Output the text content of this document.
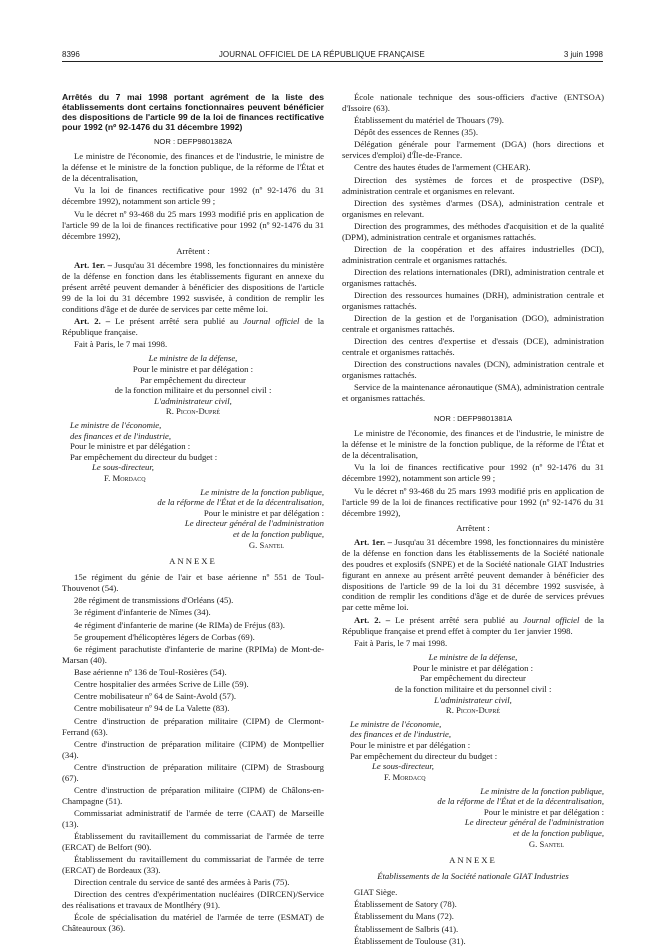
8396	JOURNAL OFFICIEL DE LA RÉPUBLIQUE FRANÇAISE	3 juin 1998
Arrêtés du 7 mai 1998 portant agrément de la liste des établissements dont certains fonctionnaires peuvent bénéficier des dispositions de l'article 99 de la loi de finances rectificative pour 1992 (nº 92-1476 du 31 décembre 1992)
NOR : DEFP9801382A

Le ministre de l'économie, des finances et de l'industrie, le ministre de la défense et le ministre de la fonction publique, de la réforme de l'État et de la décentralisation,

Vu la loi de finances rectificative pour 1992 (nº 92-1476 du 31 décembre 1992), notamment son article 99 ;

Vu le décret nº 93-468 du 25 mars 1993 modifié pris en application de l'article 99 de la loi de finances rectificative pour 1992 (nº 92-1476 du 31 décembre 1992),

Arrêtent :

Art. 1er. – Jusqu'au 31 décembre 1998, les fonctionnaires du ministère de la défense en fonction dans les établissements figurant en annexe du présent arrêté peuvent demander à bénéficier des dispositions de l'article 99 de la loi du 31 décembre 1992 susvisée, à condition de remplir les conditions d'âge et de durée de services par cette même loi.

Art. 2. – Le présent arrêté sera publié au Journal officiel de la République française.

Fait à Paris, le 7 mai 1998.

Le ministre de la défense,
Pour le ministre et par délégation :
Par empêchement du directeur
de la fonction militaire et du personnel civil :
L'administrateur civil,
R. Picon-Dupré
Le ministre de l'économie,
des finances et de l'industrie,
Pour le ministre et par délégation :
Par empêchement du directeur du budget :
Le sous-directeur,
F. Mordacq
Le ministre de la fonction publique,
de la réforme de l'État et de la décentralisation,
Pour le ministre et par délégation :
Le directeur général de l'administration
et de la fonction publique,
G. Santel
ANNEXE
15e régiment du génie de l'air et base aérienne nº 551 de Toul-Thouvenot (54).
28e régiment de transmissions d'Orléans (45).
3e régiment d'infanterie de Nîmes (34).
4e régiment d'infanterie de marine (4e RIMa) de Fréjus (83).
5e groupement d'hélicoptères légers de Corbas (69).
6e régiment parachutiste d'infanterie de marine (RPIMa) de Mont-de-Marsan (40).
Base aérienne nº 136 de Toul-Rosières (54).
Centre hospitalier des armées Scrive de Lille (59).
Centre mobilisateur nº 64 de Saint-Avold (57).
Centre mobilisateur nº 94 de La Valette (83).
Centre d'instruction de préparation militaire (CIPM) de Clermont-Ferrand (63).
Centre d'instruction de préparation militaire (CIPM) de Montpellier (34).
Centre d'instruction de préparation militaire (CIPM) de Strasbourg (67).
Centre d'instruction de préparation militaire (CIPM) de Châlons-en-Champagne (51).
Commissariat administratif de l'armée de terre (CAAT) de Marseille (13).
Établissement du ravitaillement du commissariat de l'armée de terre (ERCAT) de Belfort (90).
Établissement du ravitaillement du commissariat de l'armée de terre (ERCAT) de Bordeaux (33).
Direction centrale du service de santé des armées à Paris (75).
Direction des centres d'expérimentation nucléaires (DIRCEN)/Service des réalisations et travaux de Montlhéry (91).
École de spécialisation du matériel de l'armée de terre (ESMAT) de Châteauroux (36).
École nationale technique des sous-officiers d'active (ENTSOA) d'Issoire (63).
Établissement du matériel de Thouars (79).
Dépôt des essences de Rennes (35).
Délégation générale pour l'armement (DGA) (hors directions et services d'emploi) d'Île-de-France.
Centre des hautes études de l'armement (CHEAR).
Direction des systèmes de forces et de prospective (DSP), administration centrale et organismes en relevant.
Direction des systèmes d'armes (DSA), administration centrale et organismes en relevant.
Direction des programmes, des méthodes d'acquisition et de la qualité (DPM), administration centrale et organismes rattachés.
Direction de la coopération et des affaires industrielles (DCI), administration centrale et organismes rattachés.
Direction des relations internationales (DRI), administration centrale et organismes rattachés.
Direction des ressources humaines (DRH), administration centrale et organismes rattachés.
Direction de la gestion et de l'organisation (DGO), administration centrale et organismes rattachés.
Direction des centres d'expertise et d'essais (DCE), administration centrale et organismes rattachés.
Direction des constructions navales (DCN), administration centrale et organismes rattachés.
Service de la maintenance aéronautique (SMA), administration centrale et organismes rattachés.
NOR : DEFP9801381A

Le ministre de l'économie, des finances et de l'industrie, le ministre de la défense et le ministre de la fonction publique, de la réforme de l'État et de la décentralisation,

Vu la loi de finances rectificative pour 1992 (nº 92-1476 du 31 décembre 1992), notamment son article 99 ;

Vu le décret nº 93-468 du 25 mars 1993 modifié pris en application de l'article 99 de la loi de finances rectificative pour 1992 (nº 92-1476 du 31 décembre 1992),

Arrêtent :

Art. 1er. – Jusqu'au 31 décembre 1998, les fonctionnaires du ministère de la défense en fonction dans les établissements de la Société nationale des poudres et explosifs (SNPE) et de la Société nationale GIAT Industries figurant en annexe au présent arrêté peuvent demander à bénéficier des dispositions de l'article 99 de la loi du 31 décembre 1992 susvisée, à condition de remplir les conditions d'âge et de durée de services prévues par cette même loi.

Art. 2. – Le présent arrêté sera publié au Journal officiel de la République française et prend effet à compter du 1er janvier 1998.

Fait à Paris, le 7 mai 1998.

Le ministre de la défense,
Pour le ministre et par délégation :
Par empêchement du directeur
de la fonction militaire et du personnel civil :
L'administrateur civil,
R. Picon-Dupré
Le ministre de l'économie,
des finances et de l'industrie,
Pour le ministre et par délégation :
Par empêchement du directeur du budget :
Le sous-directeur,
F. Mordacq
Le ministre de la fonction publique,
de la réforme de l'État et de la décentralisation,
Pour le ministre et par délégation :
Le directeur général de l'administration
et de la fonction publique,
G. Santel
ANNEXE
Établissements de la Société nationale GIAT Industries
GIAT Siège.
Établissement de Satory (78).
Établissement du Mans (72).
Établissement de Salbris (41).
Établissement de Toulouse (31).
